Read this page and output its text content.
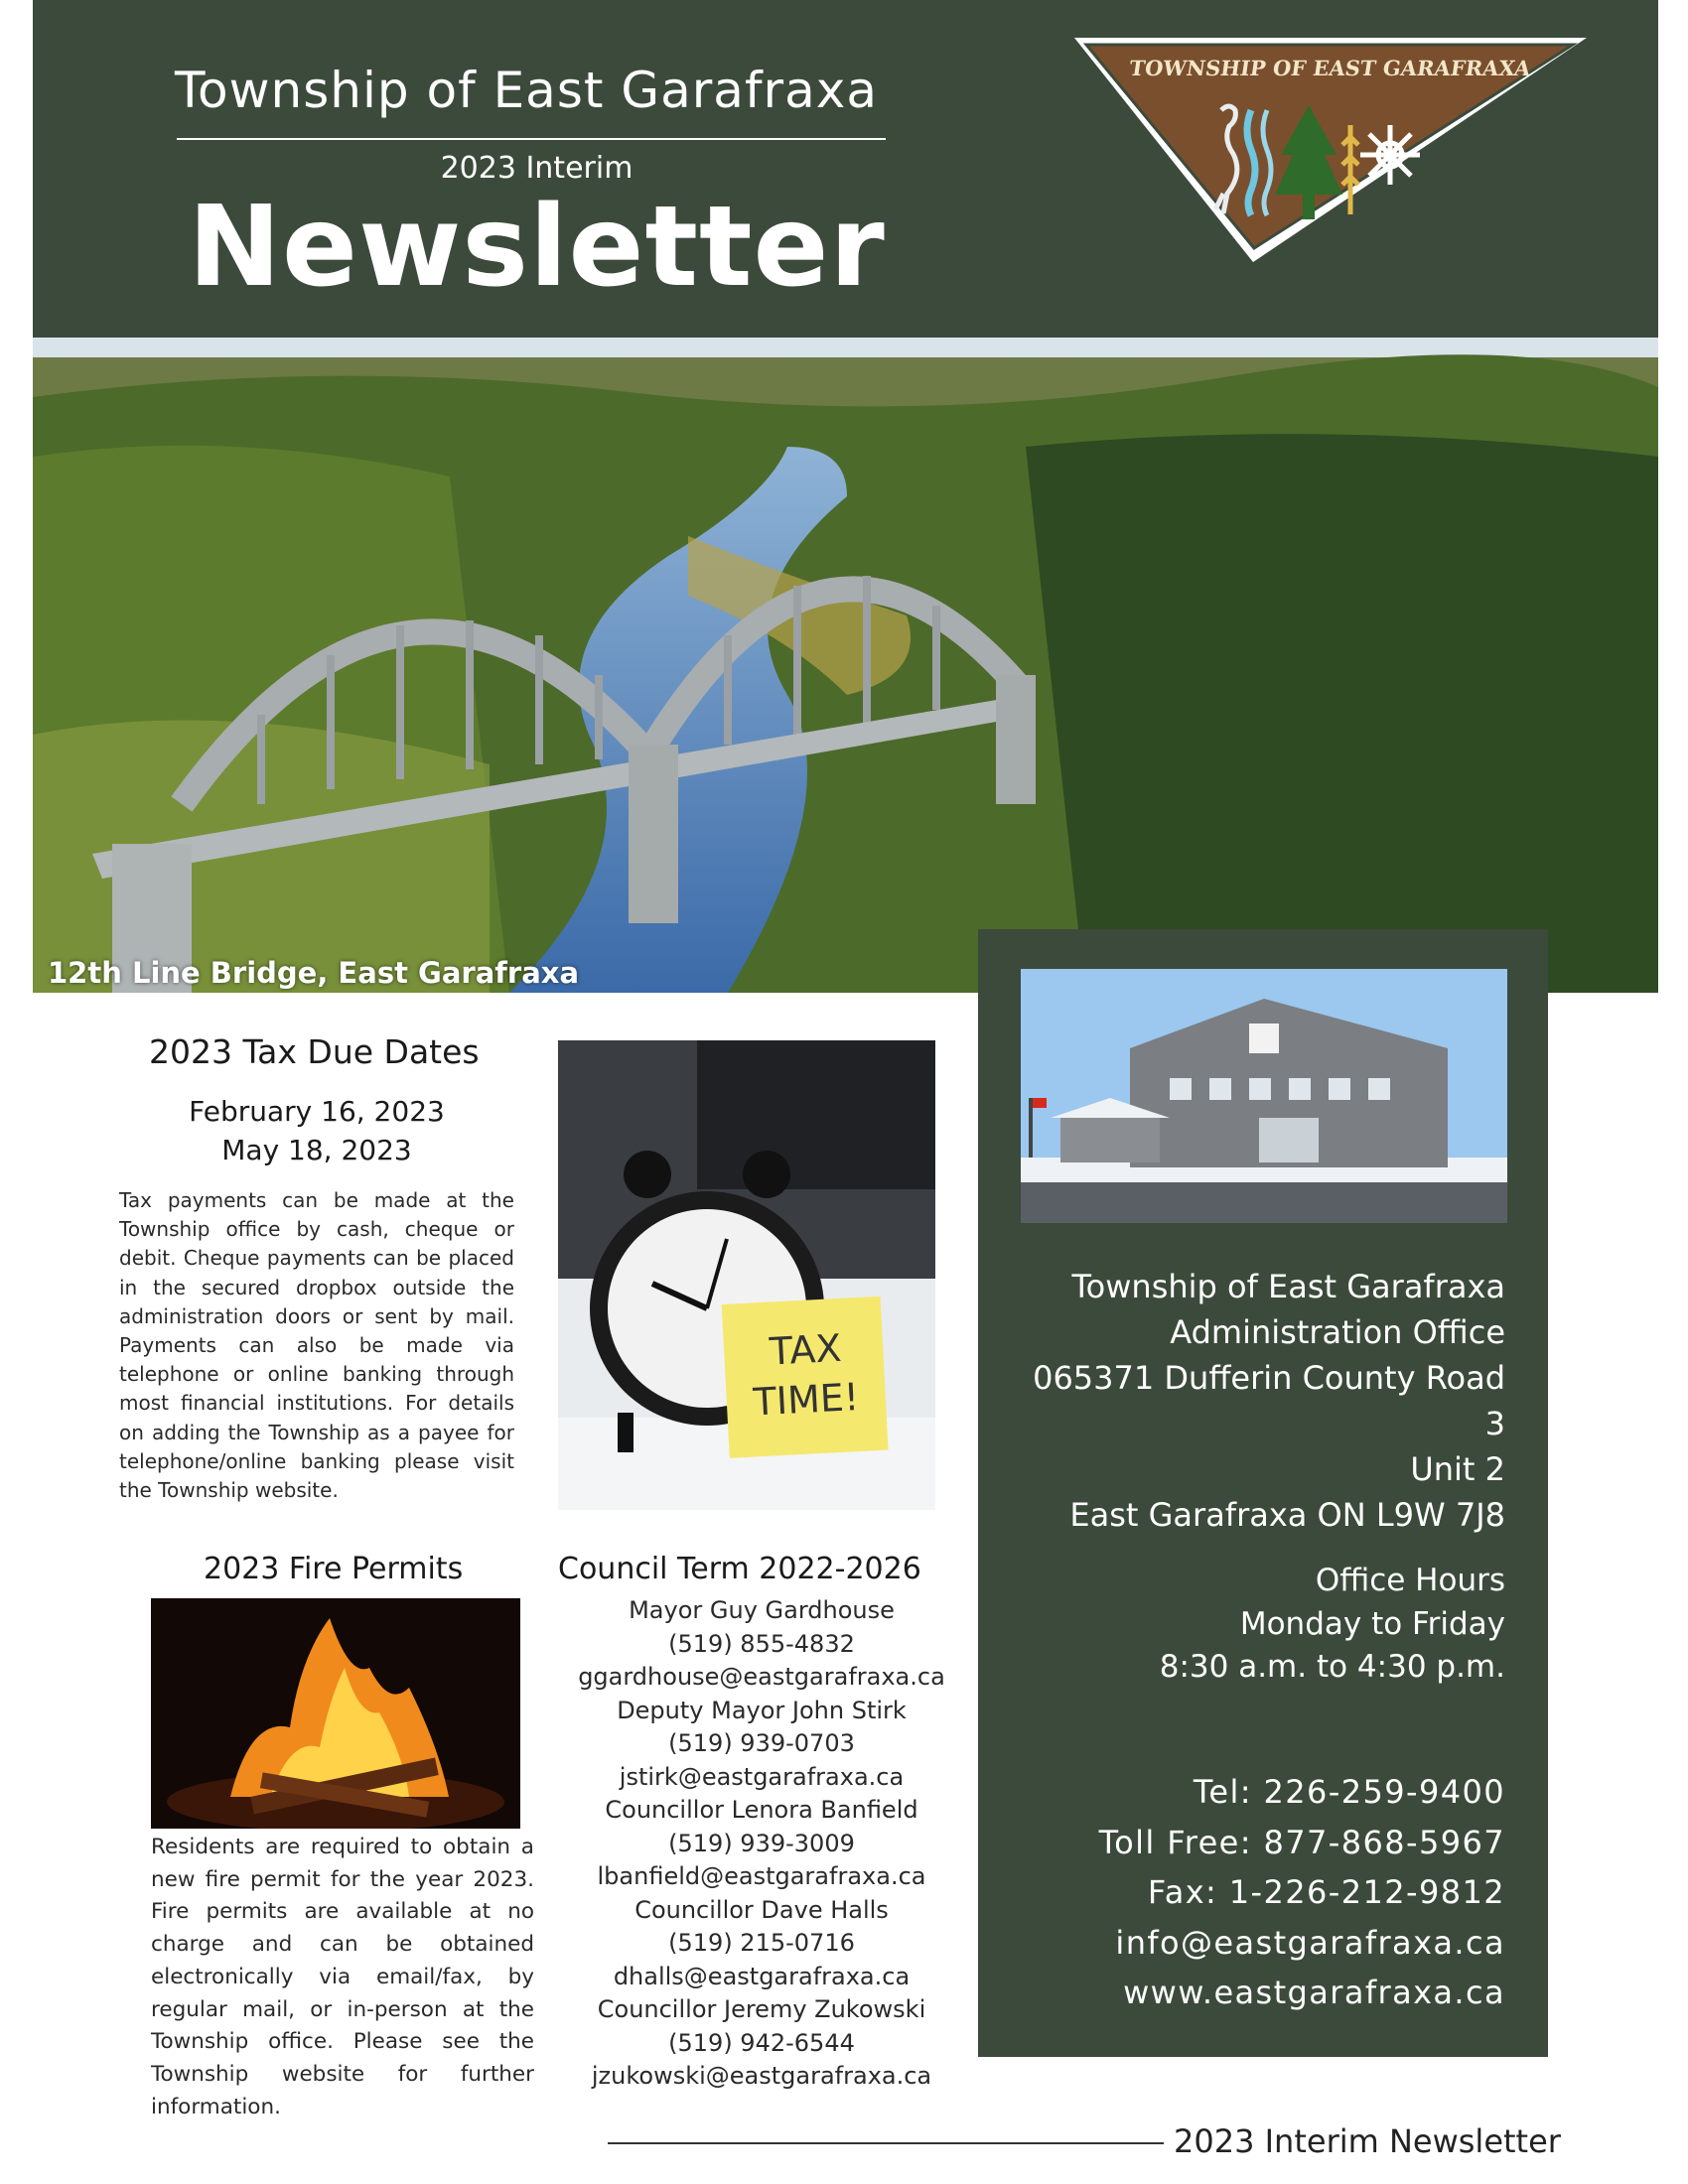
Township of East Garafraxa
2023 Interim
Newsletter
TOWNSHIP OF EAST GARAFRAXA
12th Line Bridge, East Garafraxa
2023 Tax Due Dates
February 16, 2023
May 18, 2023
Tax payments can be made at the Township office by cash, cheque or debit. Cheque payments can be placed in the secured dropbox outside the administration doors or sent by mail. Payments can also be made via telephone or online banking through most financial institutions. For details on adding the Township as a payee for telephone/online banking please visit the Township website.
TAX
TIME!
2023 Fire Permits
Residents are required to obtain a new fire permit for the year 2023. Fire permits are available at no charge and can be obtained electronically via email/fax, by regular mail, or in-person at the Township office. Please see the Township website for further information.
Council Term 2022-2026
Mayor Guy Gardhouse
(519) 855-4832
ggardhouse@eastgarafraxa.ca
Deputy Mayor John Stirk
(519) 939-0703
jstirk@eastgarafraxa.ca
Councillor Lenora Banfield
(519) 939-3009
lbanfield@eastgarafraxa.ca
Councillor Dave Halls
(519) 215-0716
dhalls@eastgarafraxa.ca
Councillor Jeremy Zukowski
(519) 942-6544
jzukowski@eastgarafraxa.ca
Township of East Garafraxa
Administration Office
065371 Dufferin County Road 3
Unit 2
East Garafraxa ON L9W 7J8
Office Hours
Monday to Friday
8:30 a.m. to 4:30 p.m.
Tel: 226-259-9400
Toll Free: 877-868-5967
Fax: 1-226-212-9812
info@eastgarafraxa.ca
www.eastgarafraxa.ca
2023 Interim Newsletter
